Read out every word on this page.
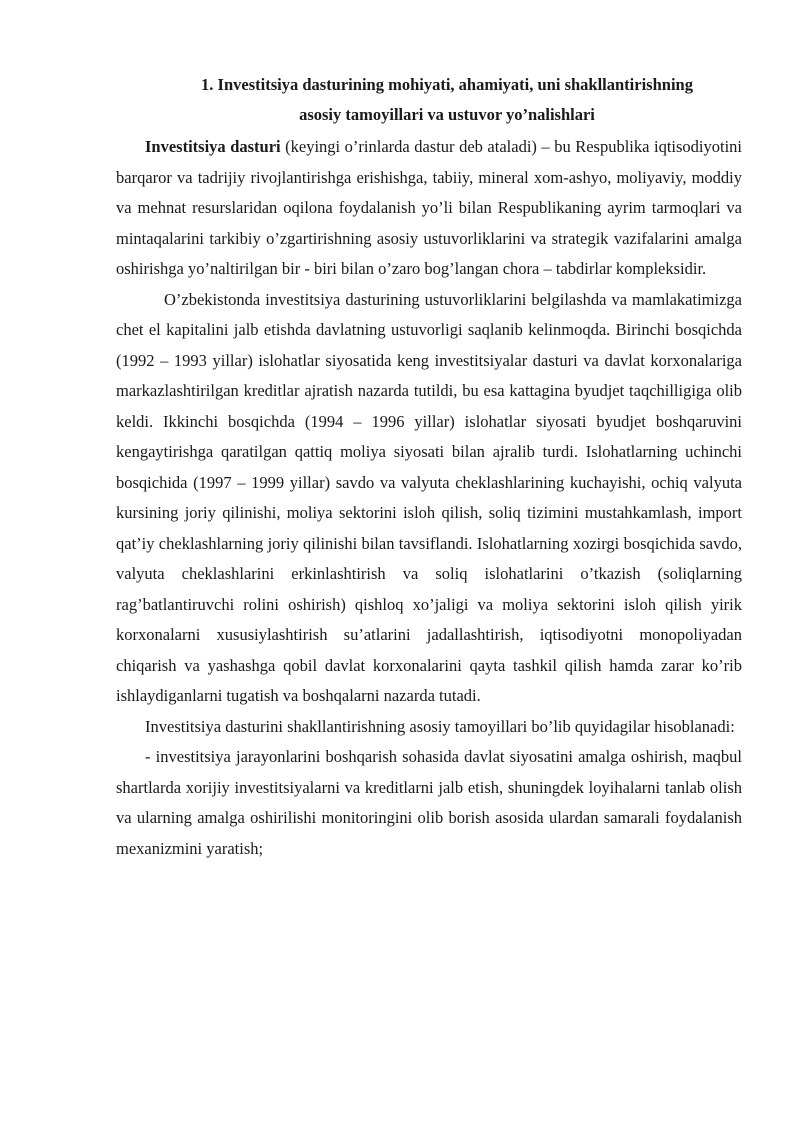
1. Investitsiya dasturining mohiyati, ahamiyati, uni shakllantirishning
asosiy tamoyillari va ustuvor yo’nalishlari

Investitsiya dasturi (keyingi o’rinlarda dastur deb ataladi) – bu Respublika iqtisodiyotini barqaror va tadrijiy rivojlantirishga erishishga, tabiiy, mineral xom-ashyo, moliyaviy, moddiy va mehnat resurslaridan oqilona foydalanish yo’li bilan Respublikaning ayrim tarmoqlari va mintaqalarini tarkibiy o’zgartirishning asosiy ustuvorliklarini va strategik vazifalarini amalga oshirishga yo’naltirilgan bir - biri bilan o’zaro bog’langan chora – tabdirlar kompleksidir.

O’zbekistonda investitsiya dasturining ustuvorliklarini belgilashda va mamlakatimizga chet el kapitalini jalb etishda davlatning ustuvorligi saqlanib kelinmoqda. Birinchi bosqichda (1992 – 1993 yillar) islohatlar siyosatida keng investitsiyalar dasturi va davlat korxonalariga markazlashtirilgan kreditlar ajratish nazarda tutildi, bu esa kattagina byudjet taqchilligiga olib keldi. Ikkinchi bosqichda (1994 – 1996 yillar) islohatlar siyosati byudjet boshqaruvini kengaytirishga qaratilgan qattiq moliya siyosati bilan ajralib turdi. Islohatlarning uchinchi bosqichida (1997 – 1999 yillar) savdo va valyuta cheklashlarining kuchayishi, ochiq valyuta kursining joriy qilinishi, moliya sektorini isloh qilish, soliq tizimini mustahkamlash, import qat’iy cheklashlarning joriy qilinishi bilan tavsiflandi. Islohatlarning xozirgi bosqichida savdo, valyuta cheklashlarini erkinlashtirish va soliq islohatlarini o’tkazish (soliqlarning rag’batlantiruvchi rolini oshirish) qishloq xo’jaligi va moliya sektorini isloh qilish yirik korxonalarni xususiylashtirish su’atlarini jadallashtirish, iqtisodiyotni monopoliyadan chiqarish va yashashga qobil davlat korxonalarini qayta tashkil qilish hamda zarar ko’rib ishlaydiganlarni tugatish va boshqalarni nazarda tutadi.

Investitsiya dasturini shakllantirishning asosiy tamoyillari bo’lib quyidagilar hisoblanadi:

- investitsiya jarayonlarini boshqarish sohasida davlat siyosatini amalga oshirish, maqbul shartlarda xorijiy investitsiyalarni va kreditlarni jalb etish, shuningdek loyihalarni tanlab olish va ularning amalga oshirilishi monitoringini olib borish asosida ulardan samarali foydalanish mexanizmini yaratish;
